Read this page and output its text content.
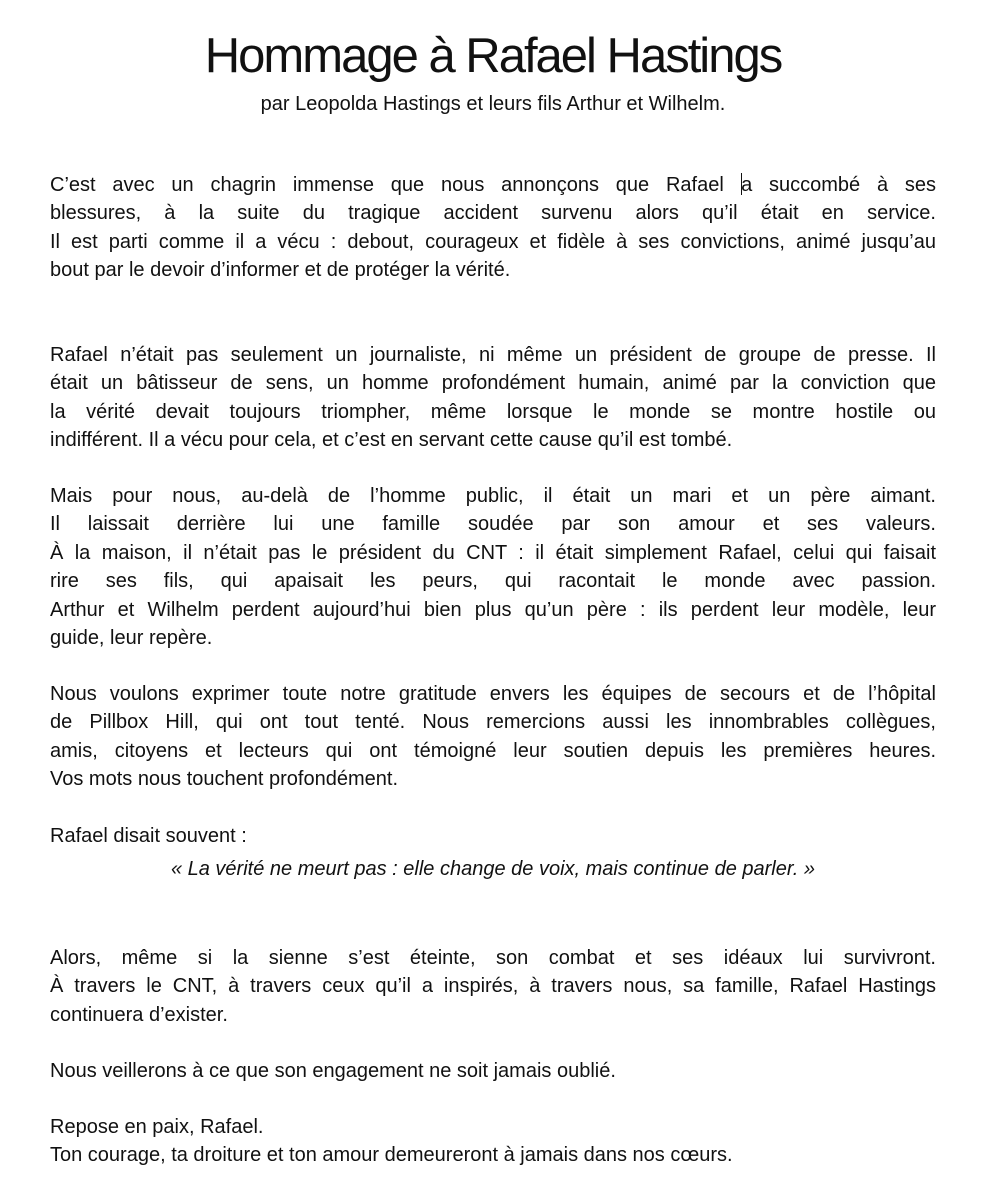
Hommage à Rafael Hastings

par Leopolda Hastings et leurs fils Arthur et Wilhelm.

C’est avec un chagrin immense que nous annonçons que Rafael a succombé à ses
blessures, à la suite du tragique accident survenu alors qu’il était en service.
Il est parti comme il a vécu : debout, courageux et fidèle à ses convictions, animé jusqu’au
bout par le devoir d’informer et de protéger la vérité.
Rafael n’était pas seulement un journaliste, ni même un président de groupe de presse. Il
était un bâtisseur de sens, un homme profondément humain, animé par la conviction que
la vérité devait toujours triompher, même lorsque le monde se montre hostile ou
indifférent. Il a vécu pour cela, et c’est en servant cette cause qu’il est tombé.
Mais pour nous, au-delà de l’homme public, il était un mari et un père aimant.
Il laissait derrière lui une famille soudée par son amour et ses valeurs.
À la maison, il n’était pas le président du CNT : il était simplement Rafael, celui qui faisait
rire ses fils, qui apaisait les peurs, qui racontait le monde avec passion.
Arthur et Wilhelm perdent aujourd’hui bien plus qu’un père : ils perdent leur modèle, leur
guide, leur repère.
Nous voulons exprimer toute notre gratitude envers les équipes de secours et de l’hôpital
de Pillbox Hill, qui ont tout tenté. Nous remercions aussi les innombrables collègues,
amis, citoyens et lecteurs qui ont témoigné leur soutien depuis les premières heures.
Vos mots nous touchent profondément.
Rafael disait souvent :

« La vérité ne meurt pas : elle change de voix, mais continue de parler. »

Alors, même si la sienne s’est éteinte, son combat et ses idéaux lui survivront.
À travers le CNT, à travers ceux qu’il a inspirés, à travers nous, sa famille, Rafael Hastings
continuera d’exister.
Nous veillerons à ce que son engagement ne soit jamais oublié.
Repose en paix, Rafael.
Ton courage, ta droiture et ton amour demeureront à jamais dans nos cœurs.
